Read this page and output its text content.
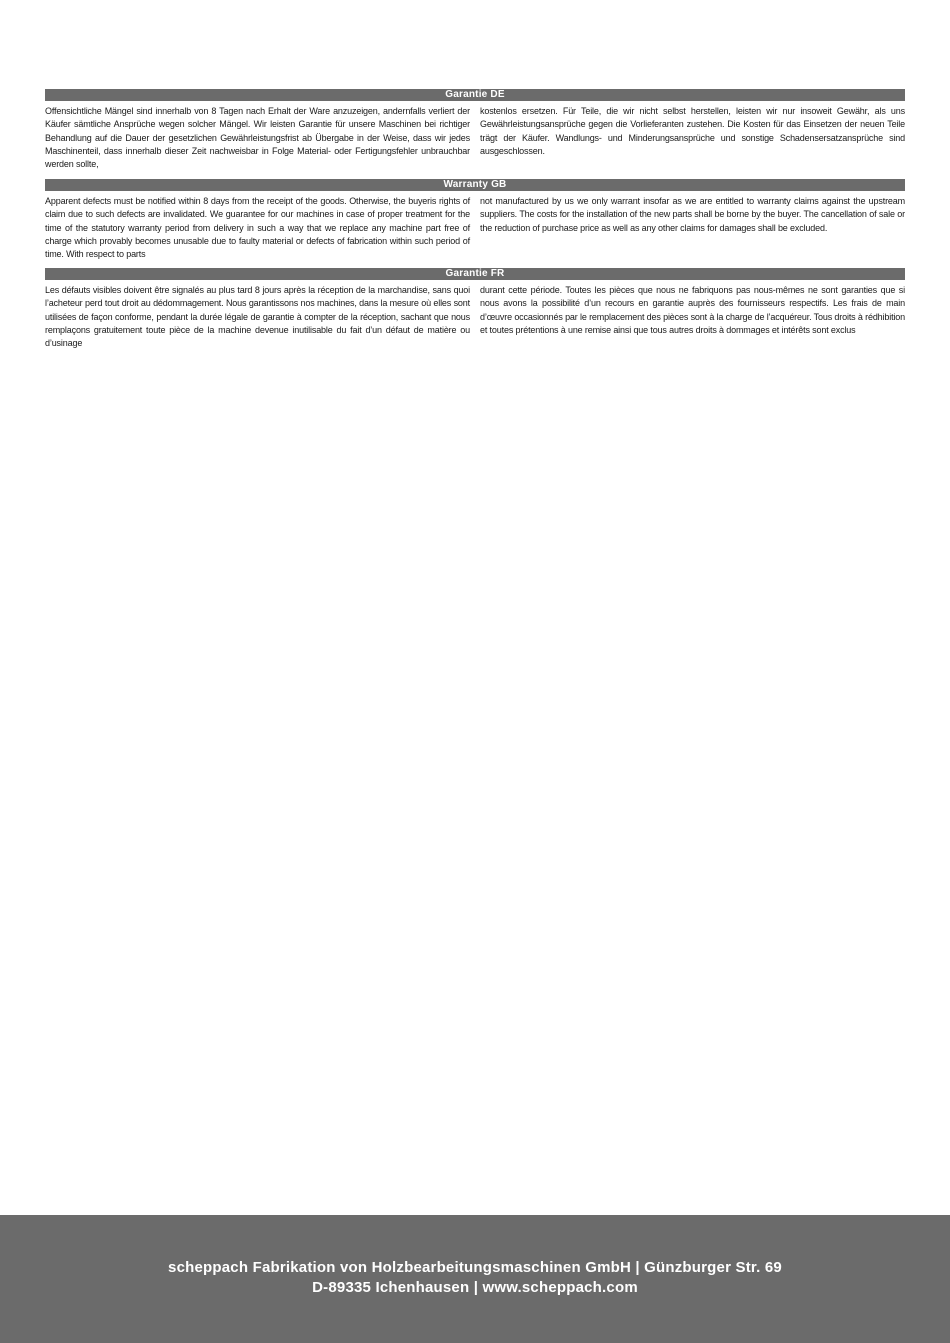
Garantie DE
Offensichtliche Mängel sind innerhalb von 8 Tagen nach Erhalt der Ware anzuzeigen, andernfalls verliert der Käufer sämtliche Ansprüche wegen solcher Mängel. Wir leisten Garantie für unsere Maschinen bei richtiger Behandlung auf die Dauer der gesetzlichen Gewährleistungsfrist ab Übergabe in der Weise, dass wir jedes Maschinenteil, dass innerhalb dieser Zeit nachweisbar in Folge Material- oder Fertigungsfehler unbrauchbar werden sollte,
kostenlos ersetzen. Für Teile, die wir nicht selbst herstellen, leisten wir nur insoweit Gewähr, als uns Gewährleistungsansprüche gegen die Vorlieferanten zustehen. Die Kosten für das Einsetzen der neuen Teile trägt der Käufer. Wandlungs- und Minderungsansprüche und sonstige Schadensersatzansprüche sind ausgeschlossen.
Warranty GB
Apparent defects must be notified within 8 days from the receipt of the goods. Otherwise, the buyeris rights of claim due to such defects are invalidated. We guarantee for our machines in case of proper treatment for the time of the statutory warranty period from delivery in such a way that we replace any machine part free of charge which provably becomes unusable due to faulty material or defects of fabrication within such period of time. With respect to parts
not manufactured by us we only warrant insofar as we are entitled to warranty claims against the upstream suppliers. The costs for the installation of the new parts shall be borne by the buyer. The cancellation of sale or the reduction of purchase price as well as any other claims for damages shall be excluded.
Garantie FR
Les défauts visibles doivent être signalés au plus tard 8 jours après la réception de la marchandise, sans quoi l’acheteur perd tout droit au dédommagement. Nous garantissons nos machines, dans la mesure où elles sont utilisées de façon conforme, pendant la durée légale de garantie à compter de la réception, sachant que nous remplaçons gratuitement toute pièce de la machine devenue inutilisable du fait d’un défaut de matière ou d’usinage
durant cette période. Toutes les pièces que nous ne fabriquons pas nous-mêmes ne sont garanties que si nous avons la possibilité d’un recours en garantie auprès des fournisseurs respectifs. Les frais de main d’œuvre occasionnés par le remplacement des pièces sont à la charge de l’acquéreur. Tous droits à rédhibition et toutes prétentions à une remise ainsi que tous autres droits à dommages et intérêts sont exclus
scheppach Fabrikation von Holzbearbeitungsmaschinen GmbH | Günzburger Str. 69
D-89335 Ichenhausen | www.scheppach.com
